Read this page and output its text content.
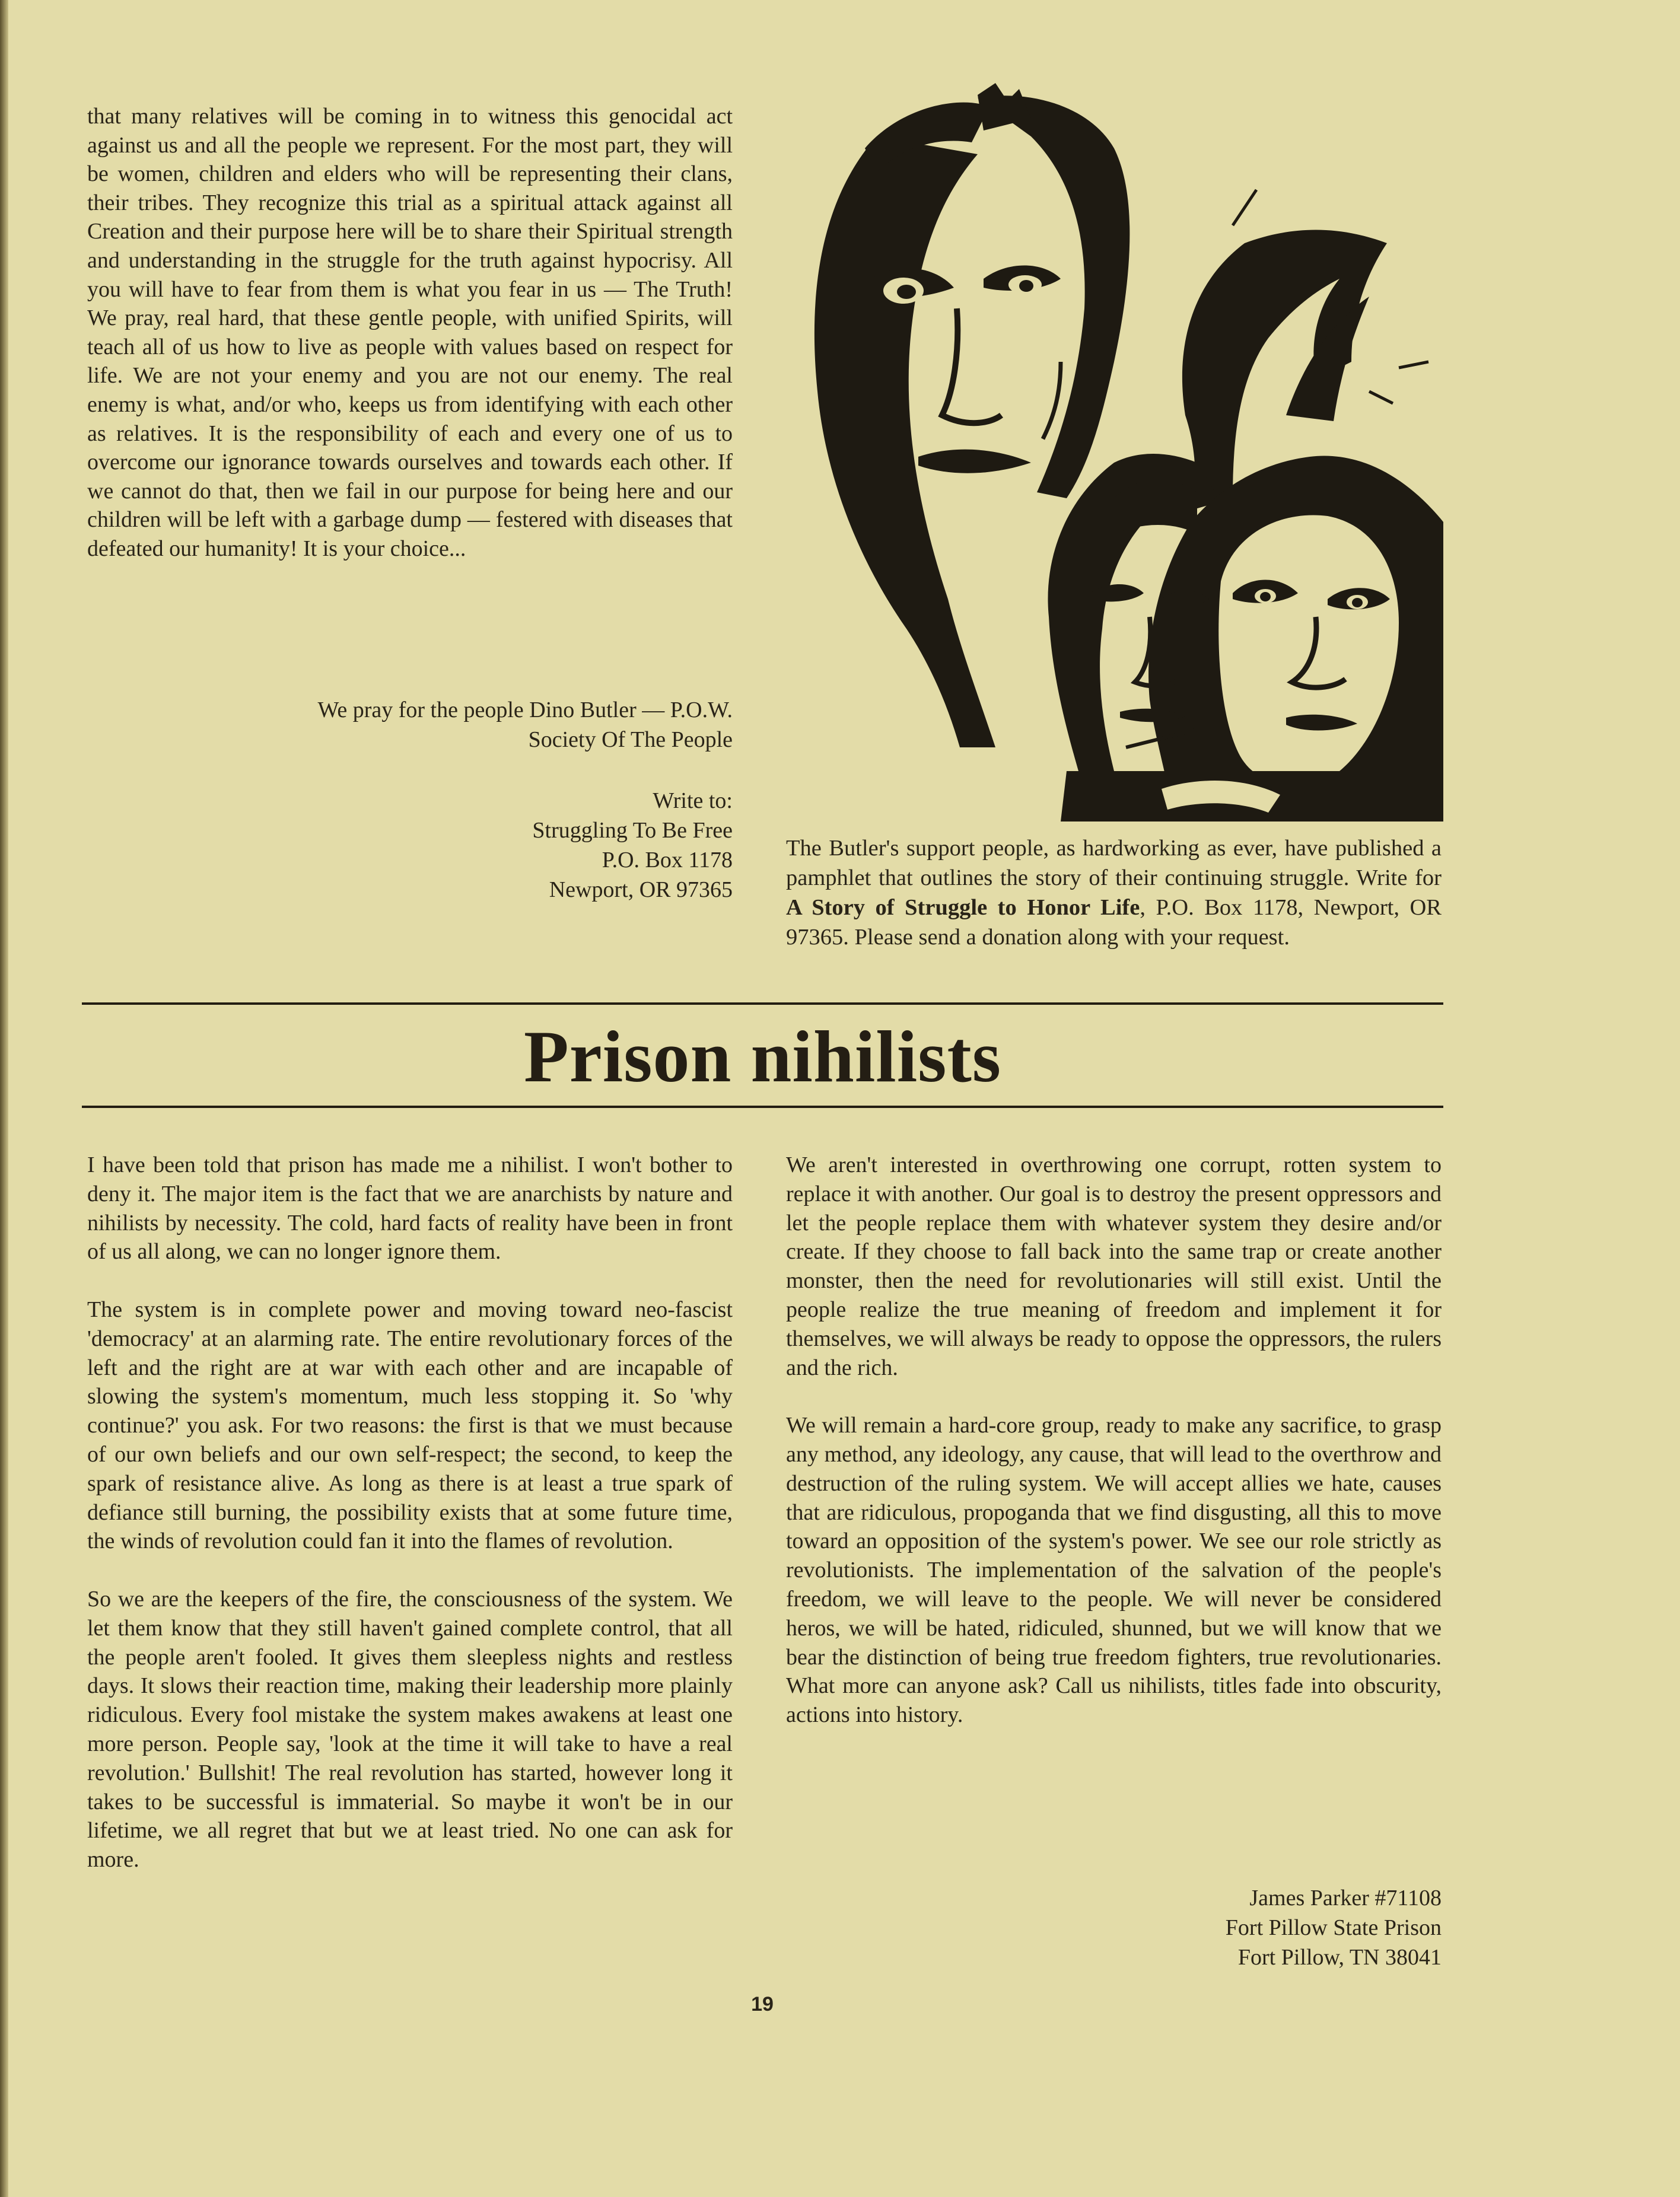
that many relatives will be coming in to witness this genocidal act against us and all the people we represent. For the most part, they will be women, children and elders who will be representing their clans, their tribes. They recognize this trial as a spiritual attack against all Creation and their purpose here will be to share their Spiritual strength and understanding in the struggle for the truth against hypocrisy. All you will have to fear from them is what you fear in us — The Truth! We pray, real hard, that these gentle people, with unified Spirits, will teach all of us how to live as people with values based on respect for life. We are not your enemy and you are not our enemy. The real enemy is what, and/or who, keeps us from identifying with each other as relatives. It is the responsibility of each and every one of us to overcome our ignorance towards ourselves and towards each other. If we cannot do that, then we fail in our purpose for being here and our children will be left with a garbage dump — festered with diseases that defeated our humanity! It is your choice...

We pray for the people Dino Butler — P.O.W.
Society Of The People
Write to:
Struggling To Be Free
P.O. Box 1178
Newport, OR 97365

The Butler's support people, as hardworking as ever, have published a pamphlet that outlines the story of their continuing struggle. Write for A Story of Struggle to Honor Life, P.O. Box 1178, Newport, OR 97365. Please send a donation along with your request.

Prison nihilists

I have been told that prison has made me a nihilist. I won't bother to deny it. The major item is the fact that we are anarchists by nature and nihilists by necessity. The cold, hard facts of reality have been in front of us all along, we can no longer ignore them.

The system is in complete power and moving toward neo-fascist 'democracy' at an alarming rate. The entire revolutionary forces of the left and the right are at war with each other and are incapable of slowing the system's momentum, much less stopping it. So 'why continue?' you ask. For two reasons: the first is that we must because of our own beliefs and our own self-respect; the second, to keep the spark of resistance alive. As long as there is at least a true spark of defiance still burning, the possibility exists that at some future time, the winds of revolution could fan it into the flames of revolution.

So we are the keepers of the fire, the consciousness of the system. We let them know that they still haven't gained complete control, that all the people aren't fooled. It gives them sleepless nights and restless days. It slows their reaction time, making their leadership more plainly ridiculous. Every fool mistake the system makes awakens at least one more person. People say, 'look at the time it will take to have a real revolution.' Bullshit! The real revolution has started, however long it takes to be successful is immaterial. So maybe it won't be in our lifetime, we all regret that but we at least tried. No one can ask for more.

We aren't interested in overthrowing one corrupt, rotten system to replace it with another. Our goal is to destroy the present oppressors and let the people replace them with whatever system they desire and/or create. If they choose to fall back into the same trap or create another monster, then the need for revolutionaries will still exist. Until the people realize the true meaning of freedom and implement it for themselves, we will always be ready to oppose the oppressors, the rulers and the rich.

We will remain a hard-core group, ready to make any sacrifice, to grasp any method, any ideology, any cause, that will lead to the overthrow and destruction of the ruling system. We will accept allies we hate, causes that are ridiculous, propoganda that we find disgusting, all this to move toward an opposition of the system's power. We see our role strictly as revolutionists. The implementation of the salvation of the people's freedom, we will leave to the people. We will never be considered heros, we will be hated, ridiculed, shunned, but we will know that we bear the distinction of being true freedom fighters, true revolutionaries. What more can anyone ask? Call us nihilists, titles fade into obscurity, actions into history.

James Parker #71108
Fort Pillow State Prison
Fort Pillow, TN 38041
19
